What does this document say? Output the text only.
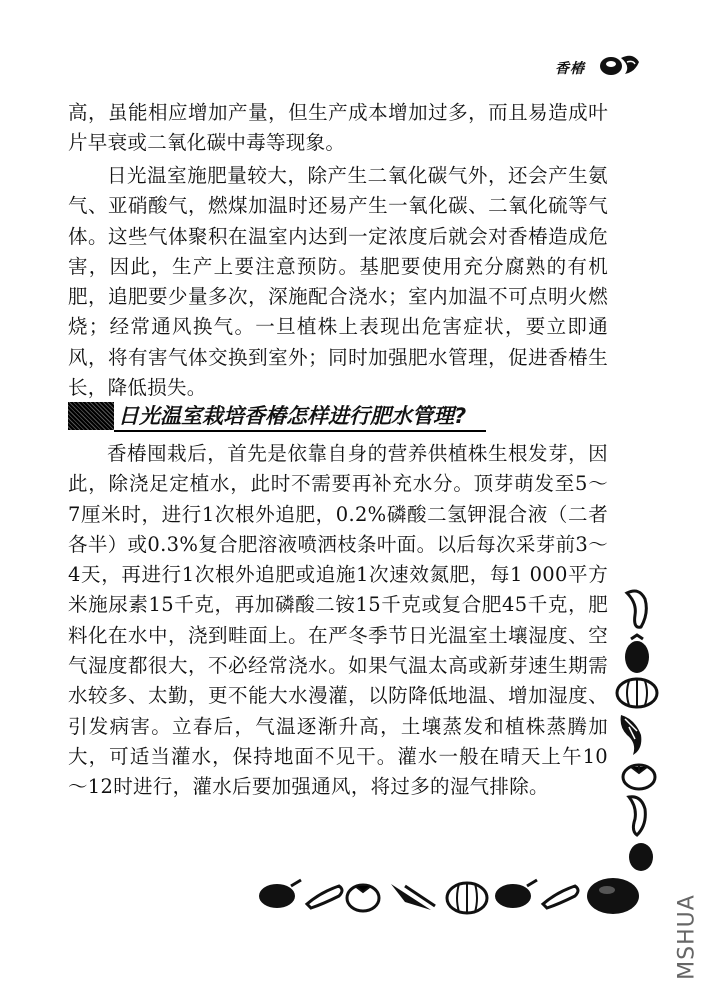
香椿

高，虽能相应增加产量，但生产成本增加过多，而且易造成叶片早衰或二氧化碳中毒等现象。

日光温室施肥量较大，除产生二氧化碳气外，还会产生氨气、亚硝酸气，燃煤加温时还易产生一氧化碳、二氧化硫等气体。这些气体聚积在温室内达到一定浓度后就会对香椿造成危害，因此，生产上要注意预防。基肥要使用充分腐熟的有机肥，追肥要少量多次，深施配合浇水；室内加温不可点明火燃烧；经常通风换气。一旦植株上表现出危害症状，要立即通风，将有害气体交换到室外；同时加强肥水管理，促进香椿生长，降低损失。

日光温室栽培香椿怎样进行肥水管理?

香椿囤栽后，首先是依靠自身的营养供植株生根发芽，因此，除浇足定植水，此时不需要再补充水分。顶芽萌发至5～7厘米时，进行1次根外追肥，0.2%磷酸二氢钾混合液（二者各半）或0.3%复合肥溶液喷洒枝条叶面。以后每次采芽前3～4天，再进行1次根外追肥或追施1次速效氮肥，每1 000平方米施尿素15千克，再加磷酸二铵15千克或复合肥45千克，肥料化在水中，浇到畦面上。在严冬季节日光温室土壤湿度、空气湿度都很大，不必经常浇水。如果气温太高或新芽速生期需水较多、太勤，更不能大水漫灌，以防降低地温、增加湿度、引发病害。立春后，气温逐渐升高，土壤蒸发和植株蒸腾加大，可适当灌水，保持地面不见干。灌水一般在晴天上午10～12时进行，灌水后要加强通风，将过多的湿气排除。

MSHUA
